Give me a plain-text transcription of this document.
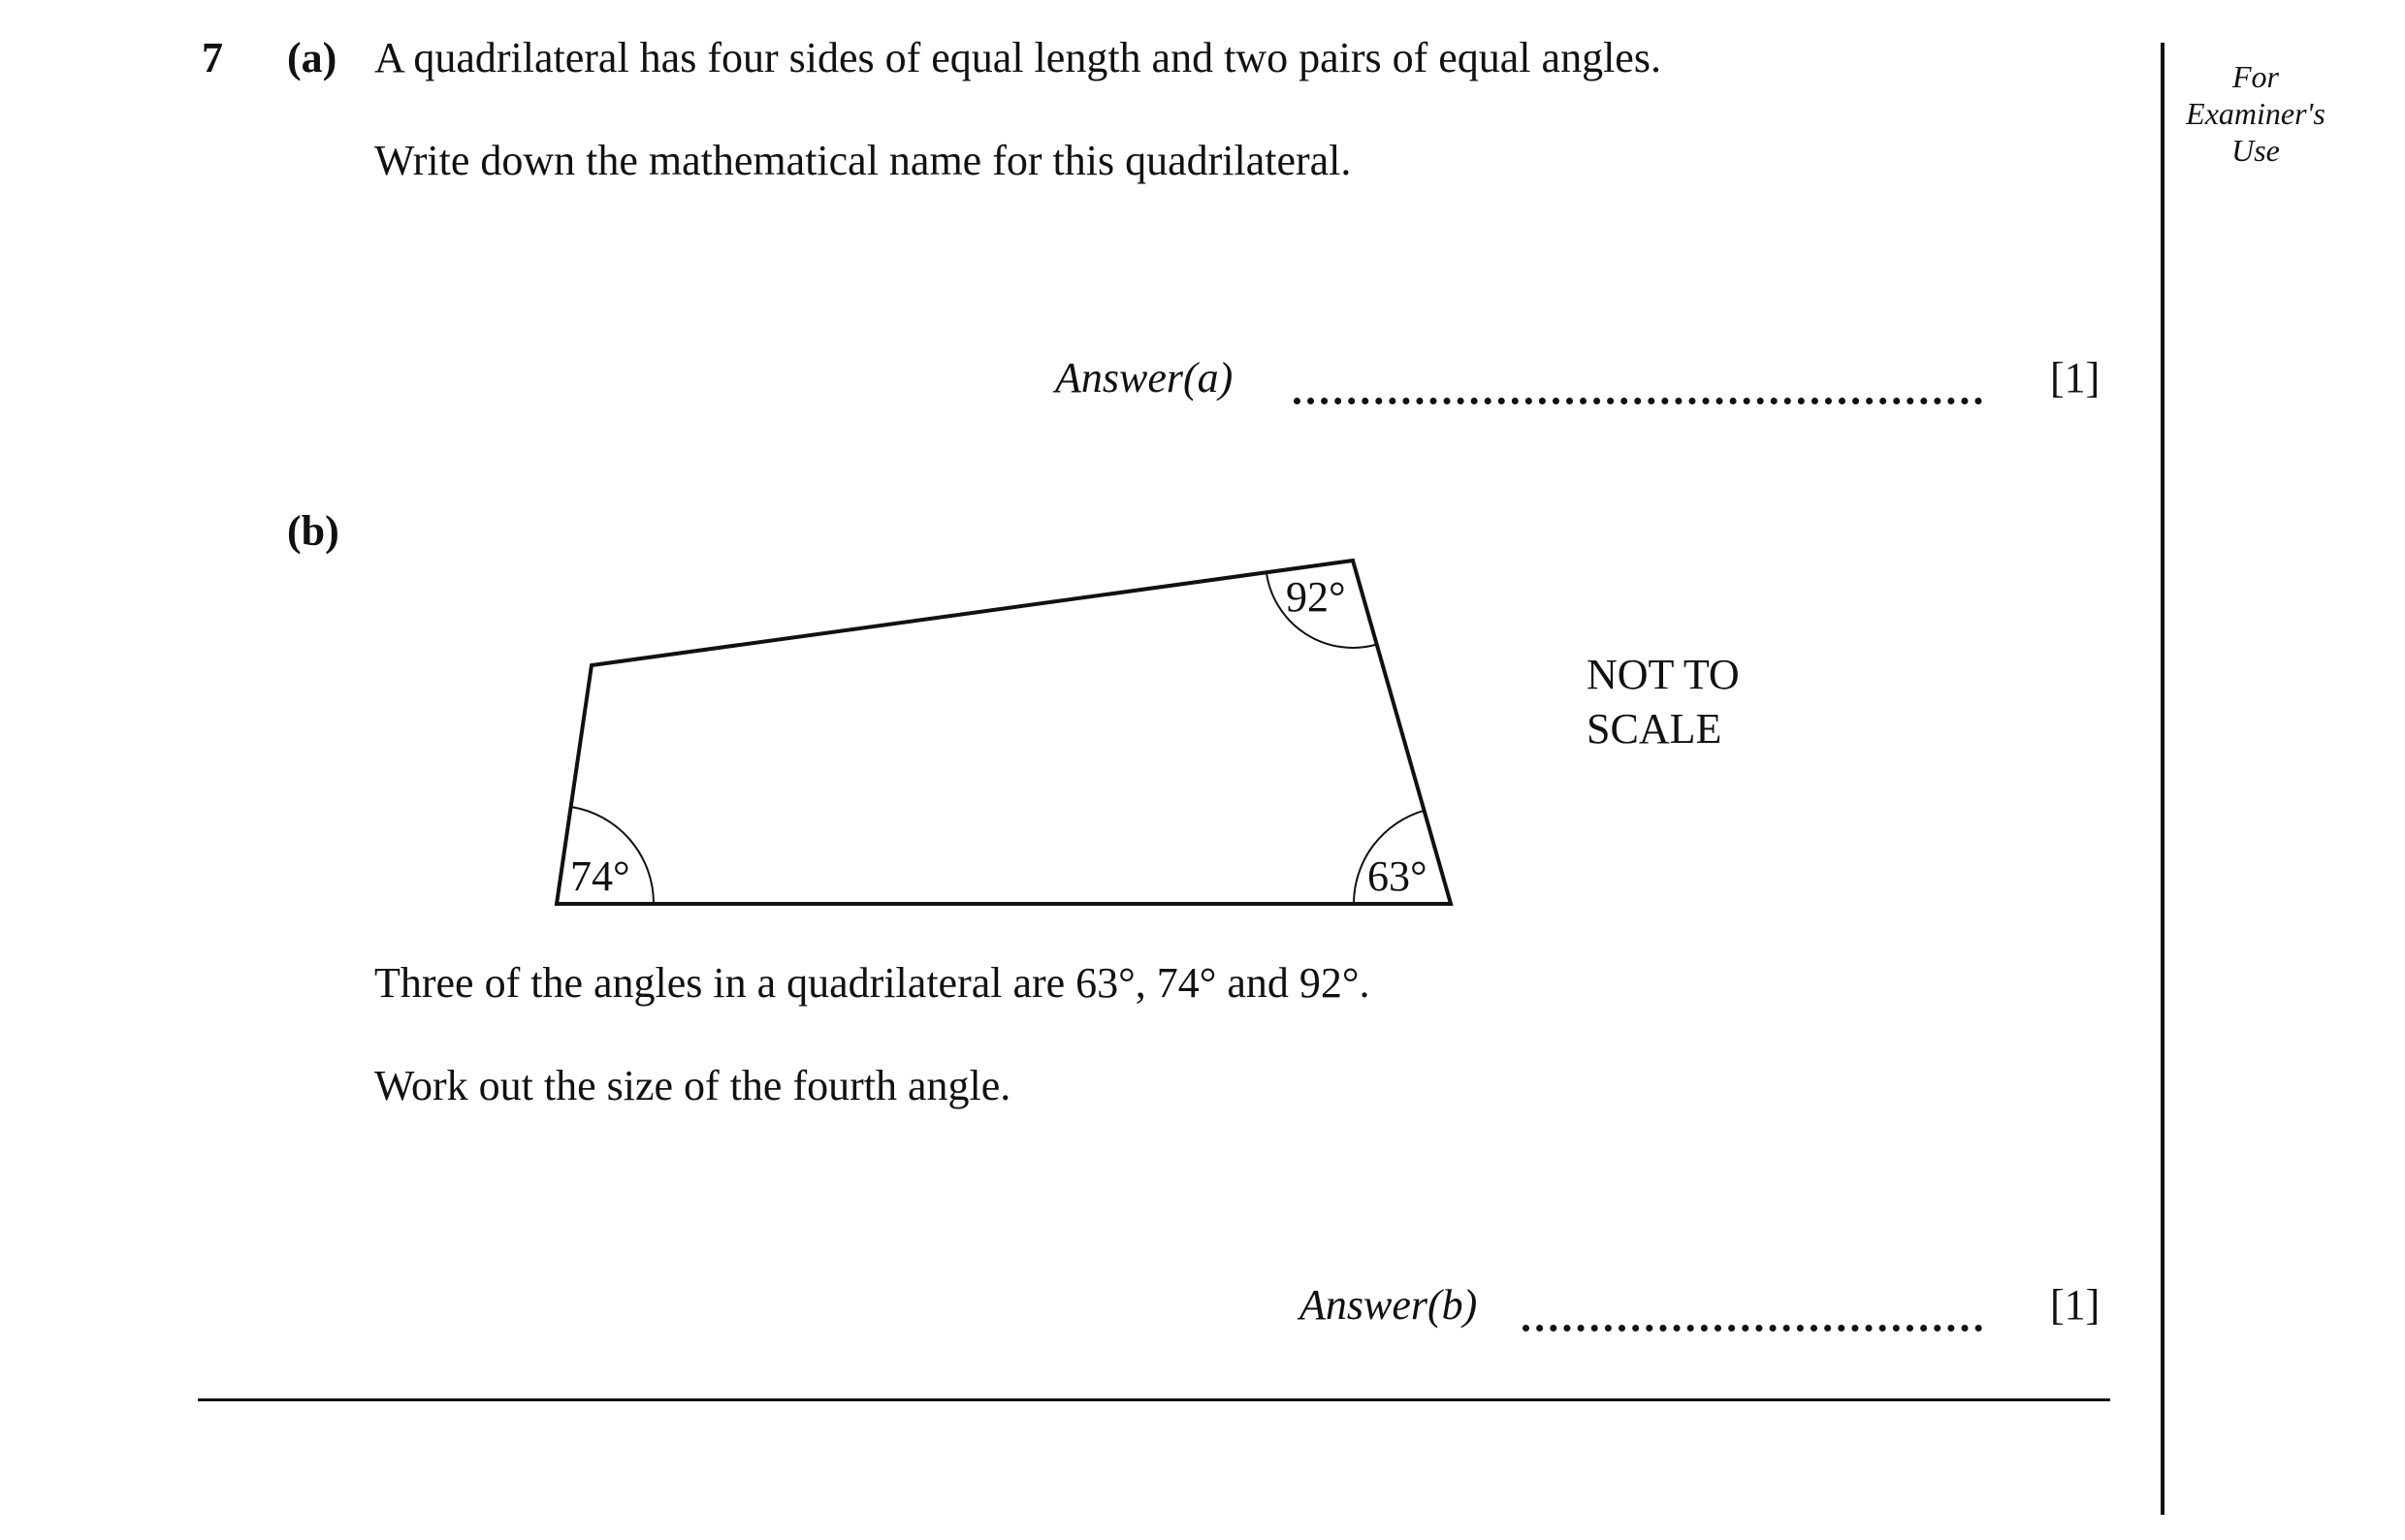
7 (a) A quadrilateral has four sides of equal length and two pairs of equal angles.
Write down the mathematical name for this quadrilateral.
Answer(a)	[1]
(b)
74°	63°
92°
NOT TO SCALE
Three of the angles in a quadrilateral are 63°, 74° and 92°.
Work out the size of the fourth angle.
Answer(b)	[1]
For Examiner's Use
